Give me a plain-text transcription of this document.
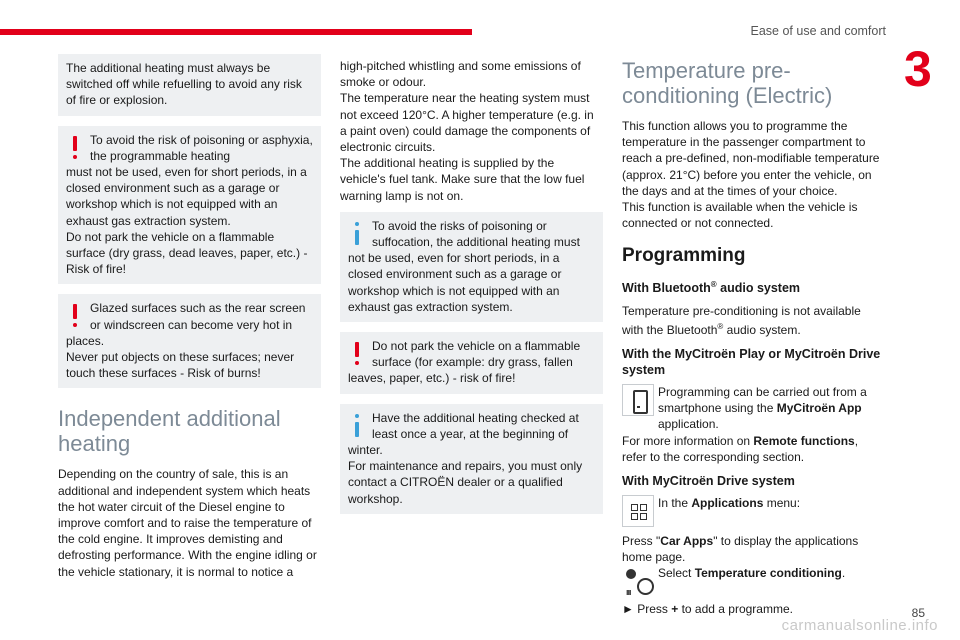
Ease of use and comfort
3
The additional heating must always be switched off while refuelling to avoid any risk of fire or explosion.
To avoid the risk of poisoning or asphyxia, the programmable heating
must not be used, even for short periods, in a closed environment such as a garage or workshop which is not equipped with an exhaust gas extraction system.
Do not park the vehicle on a flammable surface (dry grass, dead leaves, paper, etc.) - Risk of fire!
Glazed surfaces such as the rear screen or windscreen can become very hot in
places.
Never put objects on these surfaces; never touch these surfaces - Risk of burns!
Independent additional heating
Depending on the country of sale, this is an additional and independent system which heats the hot water circuit of the Diesel engine to improve comfort and to raise the temperature of the cold engine. It improves demisting and defrosting performance. With the engine idling or the vehicle stationary, it is normal to notice a
high-pitched whistling and some emissions of smoke or odour.
The temperature near the heating system must not exceed 120°C. A higher temperature (e.g. in a paint oven) could damage the components of electronic circuits.
The additional heating is supplied by the vehicle's fuel tank. Make sure that the low fuel warning lamp is not on.
To avoid the risks of poisoning or suffocation, the additional heating must
not be used, even for short periods, in a closed environment such as a garage or workshop which is not equipped with an exhaust gas extraction system.
Do not park the vehicle on a flammable surface (for example: dry grass, fallen
leaves, paper, etc.) - risk of fire!
Have the additional heating checked at least once a year, at the beginning of
winter.
For maintenance and repairs, you must only contact a CITROËN dealer or a qualified workshop.
Temperature pre-conditioning (Electric)
This function allows you to programme the temperature in the passenger compartment to reach a pre-defined, non-modifiable temperature (approx. 21°C) before you enter the vehicle, on the days and at the times of your choice.
This function is available when the vehicle is connected or not connected.
Programming
With Bluetooth® audio system
Temperature pre-conditioning is not available with the Bluetooth® audio system.
With the MyCitroën Play or MyCitroën Drive system
Programming can be carried out from a smartphone using the MyCitroën App application.
For more information on Remote functions, refer to the corresponding section.
With MyCitroën Drive system
In the Applications menu:
Press "Car Apps" to display the applications home page.
ııı
Select Temperature conditioning.
► Press + to add a programme.	85
carmanualsonline.info
